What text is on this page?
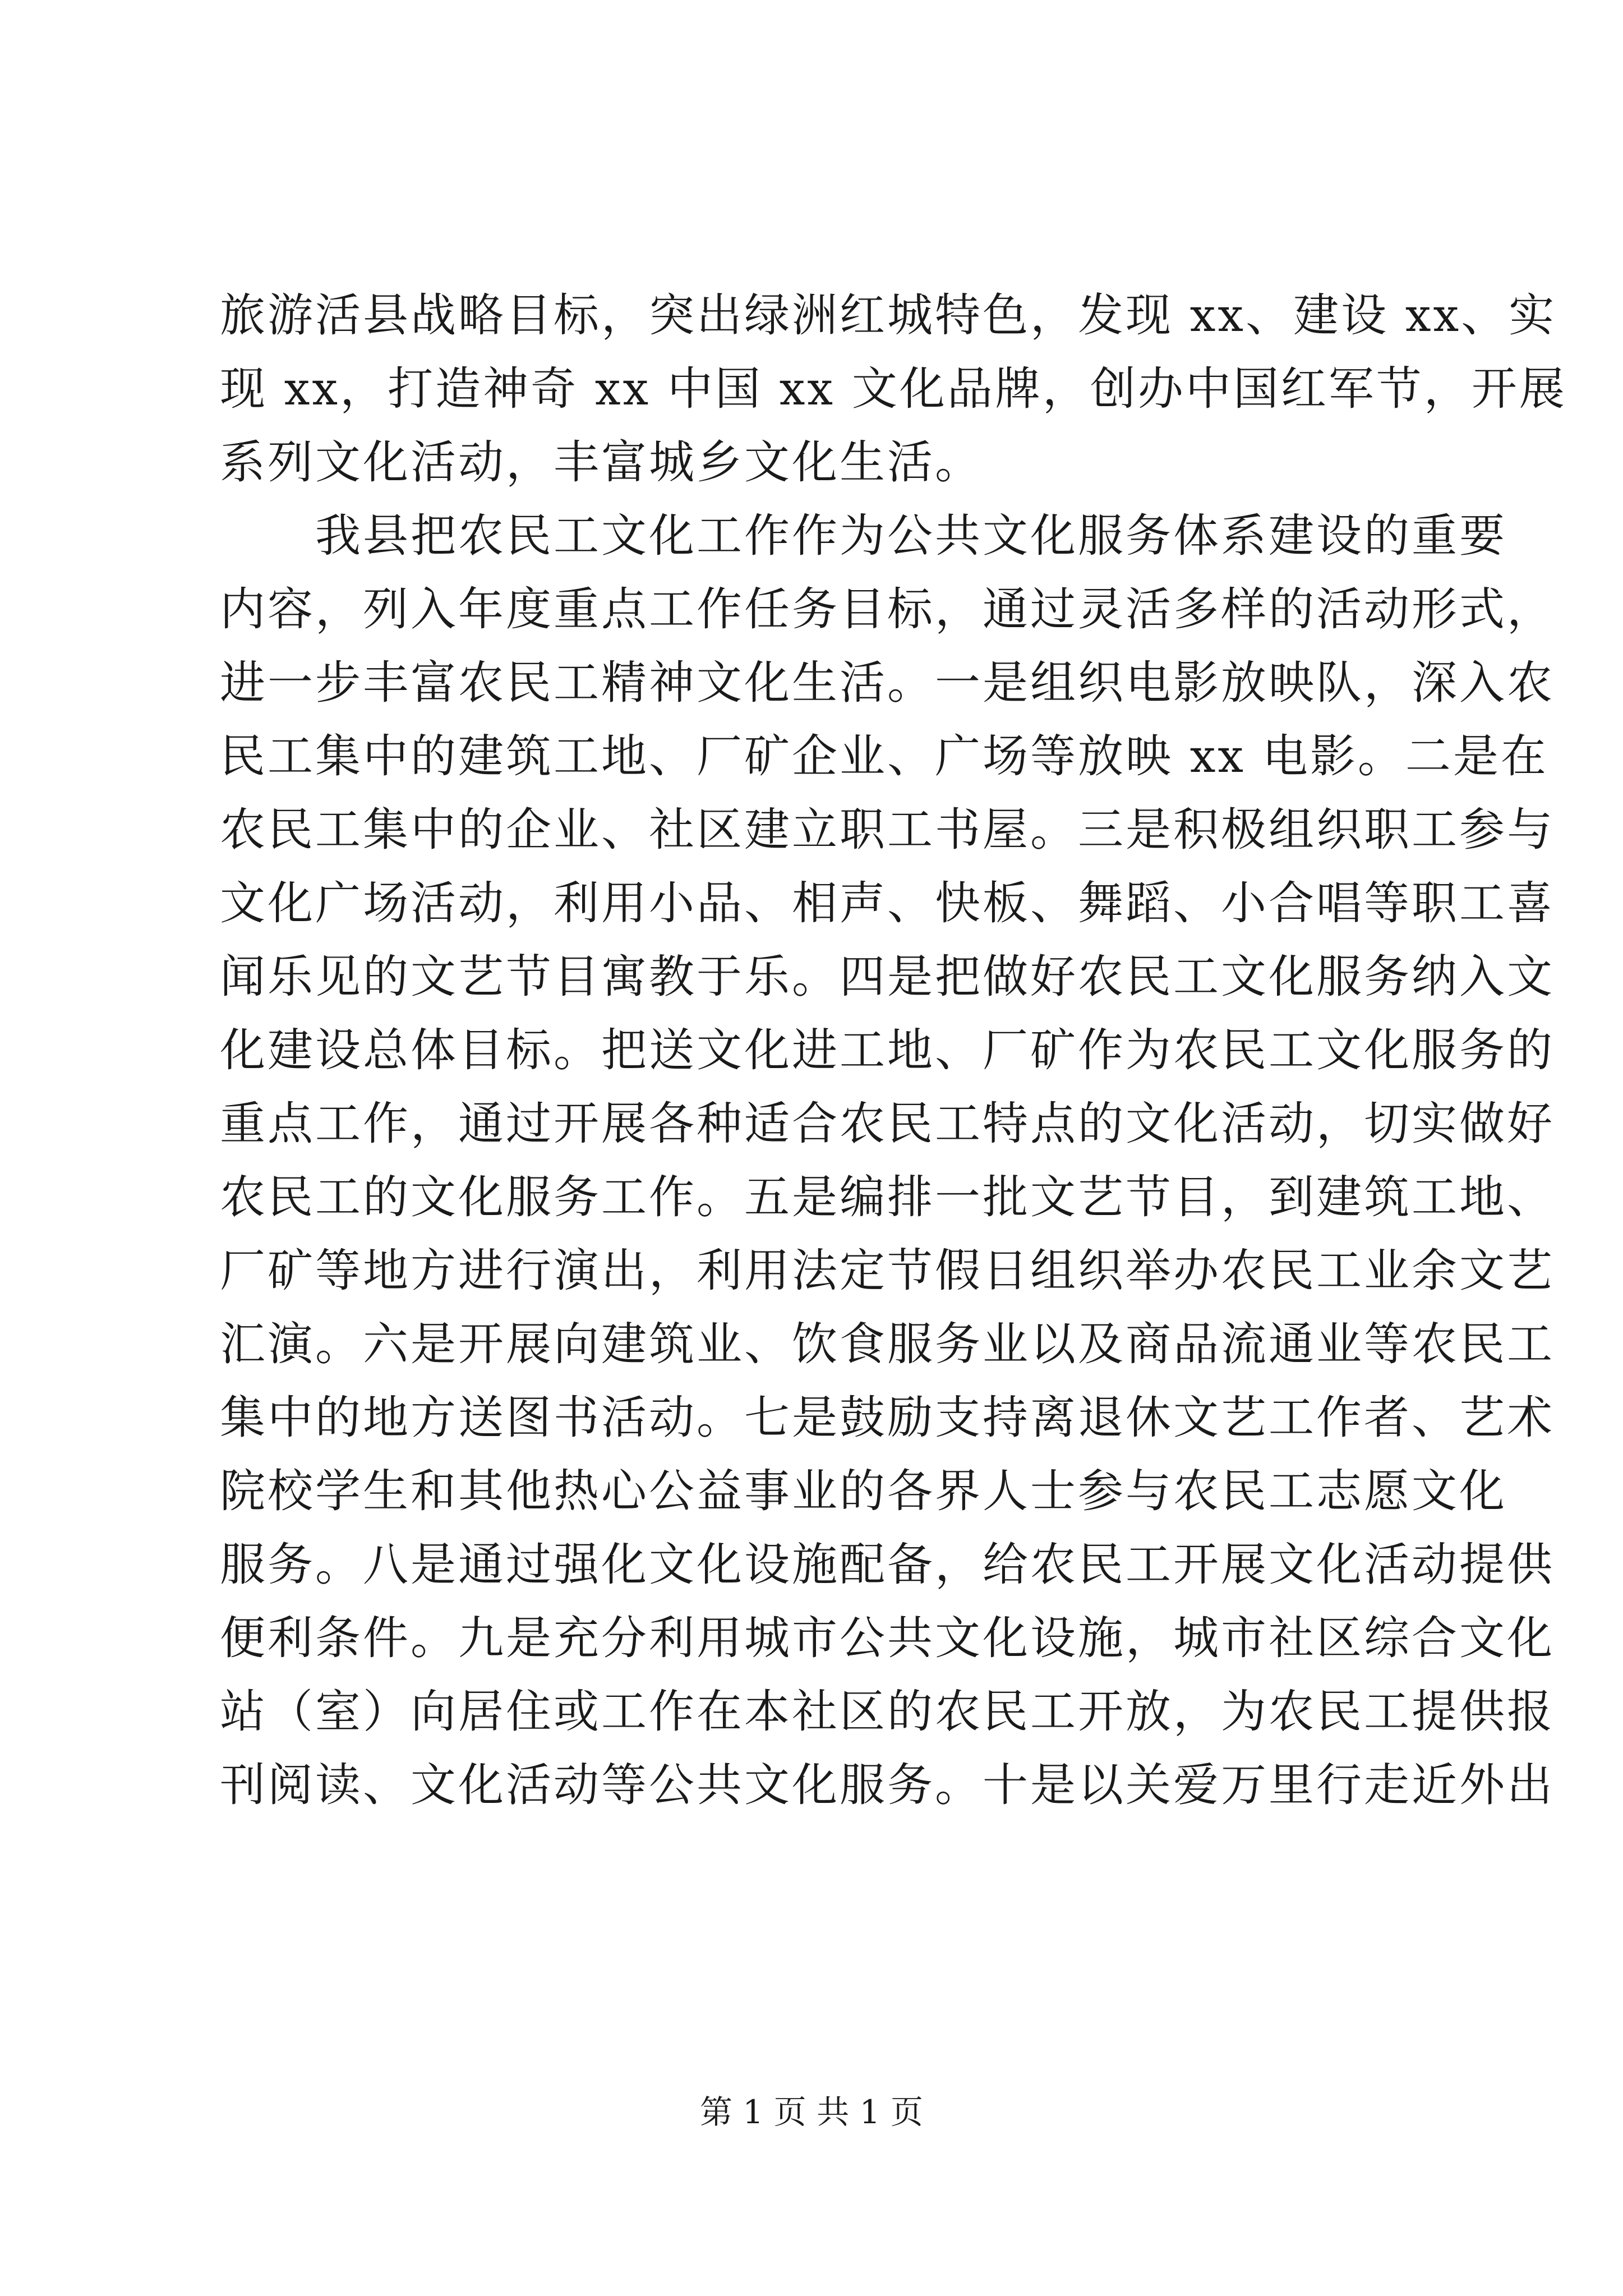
旅游活县战略目标，突出绿洲红城特色，发现 xx、建设 xx、实
现 xx，打造神奇 xx 中国 xx 文化品牌，创办中国红军节，开展
系列文化活动，丰富城乡文化生活。
　　我县把农民工文化工作作为公共文化服务体系建设的重要
内容，列入年度重点工作任务目标，通过灵活多样的活动形式，
进一步丰富农民工精神文化生活。一是组织电影放映队，深入农
民工集中的建筑工地、厂矿企业、广场等放映 xx 电影。二是在
农民工集中的企业、社区建立职工书屋。三是积极组织职工参与
文化广场活动，利用小品、相声、快板、舞蹈、小合唱等职工喜
闻乐见的文艺节目寓教于乐。四是把做好农民工文化服务纳入文
化建设总体目标。把送文化进工地、厂矿作为农民工文化服务的
重点工作，通过开展各种适合农民工特点的文化活动，切实做好
农民工的文化服务工作。五是编排一批文艺节目，到建筑工地、
厂矿等地方进行演出，利用法定节假日组织举办农民工业余文艺
汇演。六是开展向建筑业、饮食服务业以及商品流通业等农民工
集中的地方送图书活动。七是鼓励支持离退休文艺工作者、艺术
院校学生和其他热心公益事业的各界人士参与农民工志愿文化
服务。八是通过强化文化设施配备，给农民工开展文化活动提供
便利条件。九是充分利用城市公共文化设施，城市社区综合文化
站（室）向居住或工作在本社区的农民工开放，为农民工提供报
刊阅读、文化活动等公共文化服务。十是以关爱万里行走近外出
第 1 页 共 1 页
